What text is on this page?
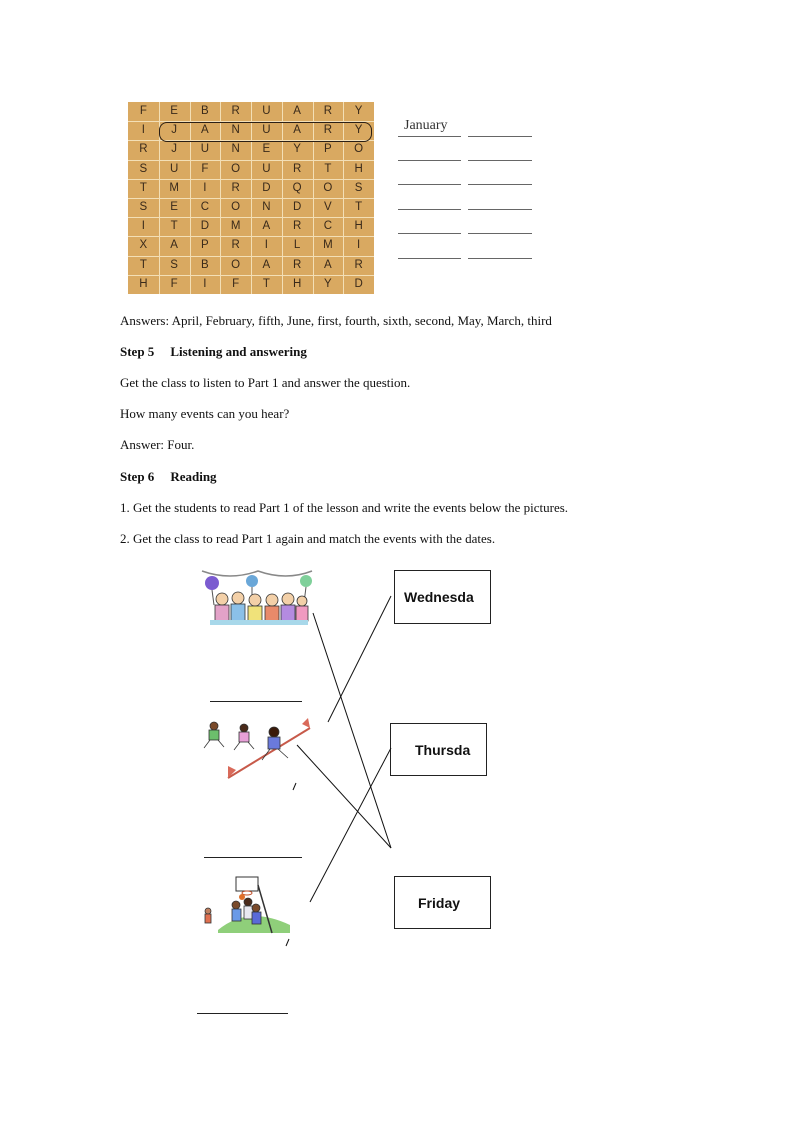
F	E	B	R	U	A	R	Y
I	J	A	N	U	A	R	Y
R	J	U	N	E	Y	P	O
S	U	F	O	U	R	T	H
T	M	I	R	D	Q	O	S
S	E	C	O	N	D	V	T
I	T	D	M	A	R	C	H
X	A	P	R	I	L	M	I
T	S	B	O	A	R	A	R
H	F	I	F	T	H	Y	D
January
Answers: April, February, fifth, June, first, fourth, sixth, second, May, March, third
Step 5 Listening and answering
Get the class to listen to Part 1 and answer the question.
How many events can you hear?
Answer: Four.
Step 6 Reading
1. Get the students to read Part 1 of the lesson and write the events below the pictures.
2. Get the class to read Part 1 again and match the events with the dates.
Wednesda
Thursda
Friday
